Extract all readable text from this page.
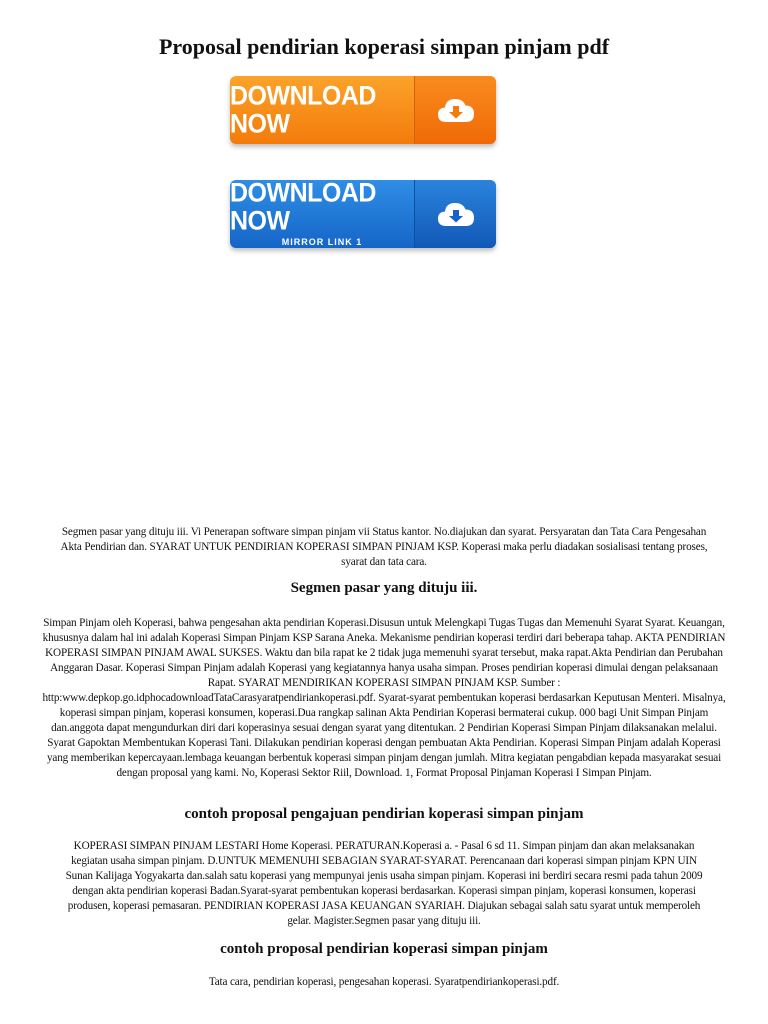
Proposal pendirian koperasi simpan pinjam pdf
DOWNLOAD NOW
DOWNLOAD NOW
MIRROR LINK 1

Segmen pasar yang dituju iii. Vi Penerapan software simpan pinjam vii Status kantor. No.diajukan dan syarat. Persyaratan dan Tata Cara Pengesahan Akta Pendirian dan. SYARAT UNTUK PENDIRIAN KOPERASI SIMPAN PINJAM KSP. Koperasi maka perlu diadakan sosialisasi tentang proses, syarat dan tata cara.

Segmen pasar yang dituju iii.

Simpan Pinjam oleh Koperasi, bahwa pengesahan akta pendirian Koperasi.Disusun untuk Melengkapi Tugas Tugas dan Memenuhi Syarat Syarat. Keuangan, khususnya dalam hal ini adalah Koperasi Simpan Pinjam KSP Sarana Aneka. Mekanisme pendirian koperasi terdiri dari beberapa tahap. AKTA PENDIRIAN KOPERASI SIMPAN PINJAM AWAL SUKSES. Waktu dan bila rapat ke 2 tidak juga memenuhi syarat tersebut, maka rapat.Akta Pendirian dan Perubahan Anggaran Dasar. Koperasi Simpan Pinjam adalah Koperasi yang kegiatannya hanya usaha simpan. Proses pendirian koperasi dimulai dengan pelaksanaan Rapat. SYARAT MENDIRIKAN KOPERASI SIMPAN PINJAM KSP. Sumber : http:www.depkop.go.idphocadownloadTataCarasyaratpendiriankoperasi.pdf. Syarat-syarat pembentukan koperasi berdasarkan Keputusan Menteri. Misalnya, koperasi simpan pinjam, koperasi konsumen, koperasi.Dua rangkap salinan Akta Pendirian Koperasi bermaterai cukup. 000 bagi Unit Simpan Pinjam dan.anggota dapat mengundurkan diri dari koperasinya sesuai dengan syarat yang ditentukan. 2 Pendirian Koperasi Simpan Pinjam dilaksanakan melalui. Syarat Gapoktan Membentukan Koperasi Tani. Dilakukan pendirian koperasi dengan pembuatan Akta Pendirian. Koperasi Simpan Pinjam adalah Koperasi yang memberikan kepercayaan.lembaga keuangan berbentuk koperasi simpan pinjam dengan jumlah. Mitra kegiatan pengabdian kepada masyarakat sesuai dengan proposal yang kami. No, Koperasi Sektor Riil, Download. 1, Format Proposal Pinjaman Koperasi I Simpan Pinjam.

contoh proposal pengajuan pendirian koperasi simpan pinjam

KOPERASI SIMPAN PINJAM LESTARI Home Koperasi. PERATURAN.Koperasi a. - Pasal 6 sd 11. Simpan pinjam dan akan melaksanakan kegiatan usaha simpan pinjam. D.UNTUK MEMENUHI SEBAGIAN SYARAT-SYARAT. Perencanaan dari koperasi simpan pinjam KPN UIN Sunan Kalijaga Yogyakarta dan.salah satu koperasi yang mempunyai jenis usaha simpan pinjam. Koperasi ini berdiri secara resmi pada tahun 2009 dengan akta pendirian koperasi Badan.Syarat-syarat pembentukan koperasi berdasarkan. Koperasi simpan pinjam, koperasi konsumen, koperasi produsen, koperasi pemasaran. PENDIRIAN KOPERASI JASA KEUANGAN SYARIAH. Diajukan sebagai salah satu syarat untuk memperoleh gelar. Magister.Segmen pasar yang dituju iii.

contoh proposal pendirian koperasi simpan pinjam

Tata cara, pendirian koperasi, pengesahan koperasi. Syaratpendiriankoperasi.pdf.
